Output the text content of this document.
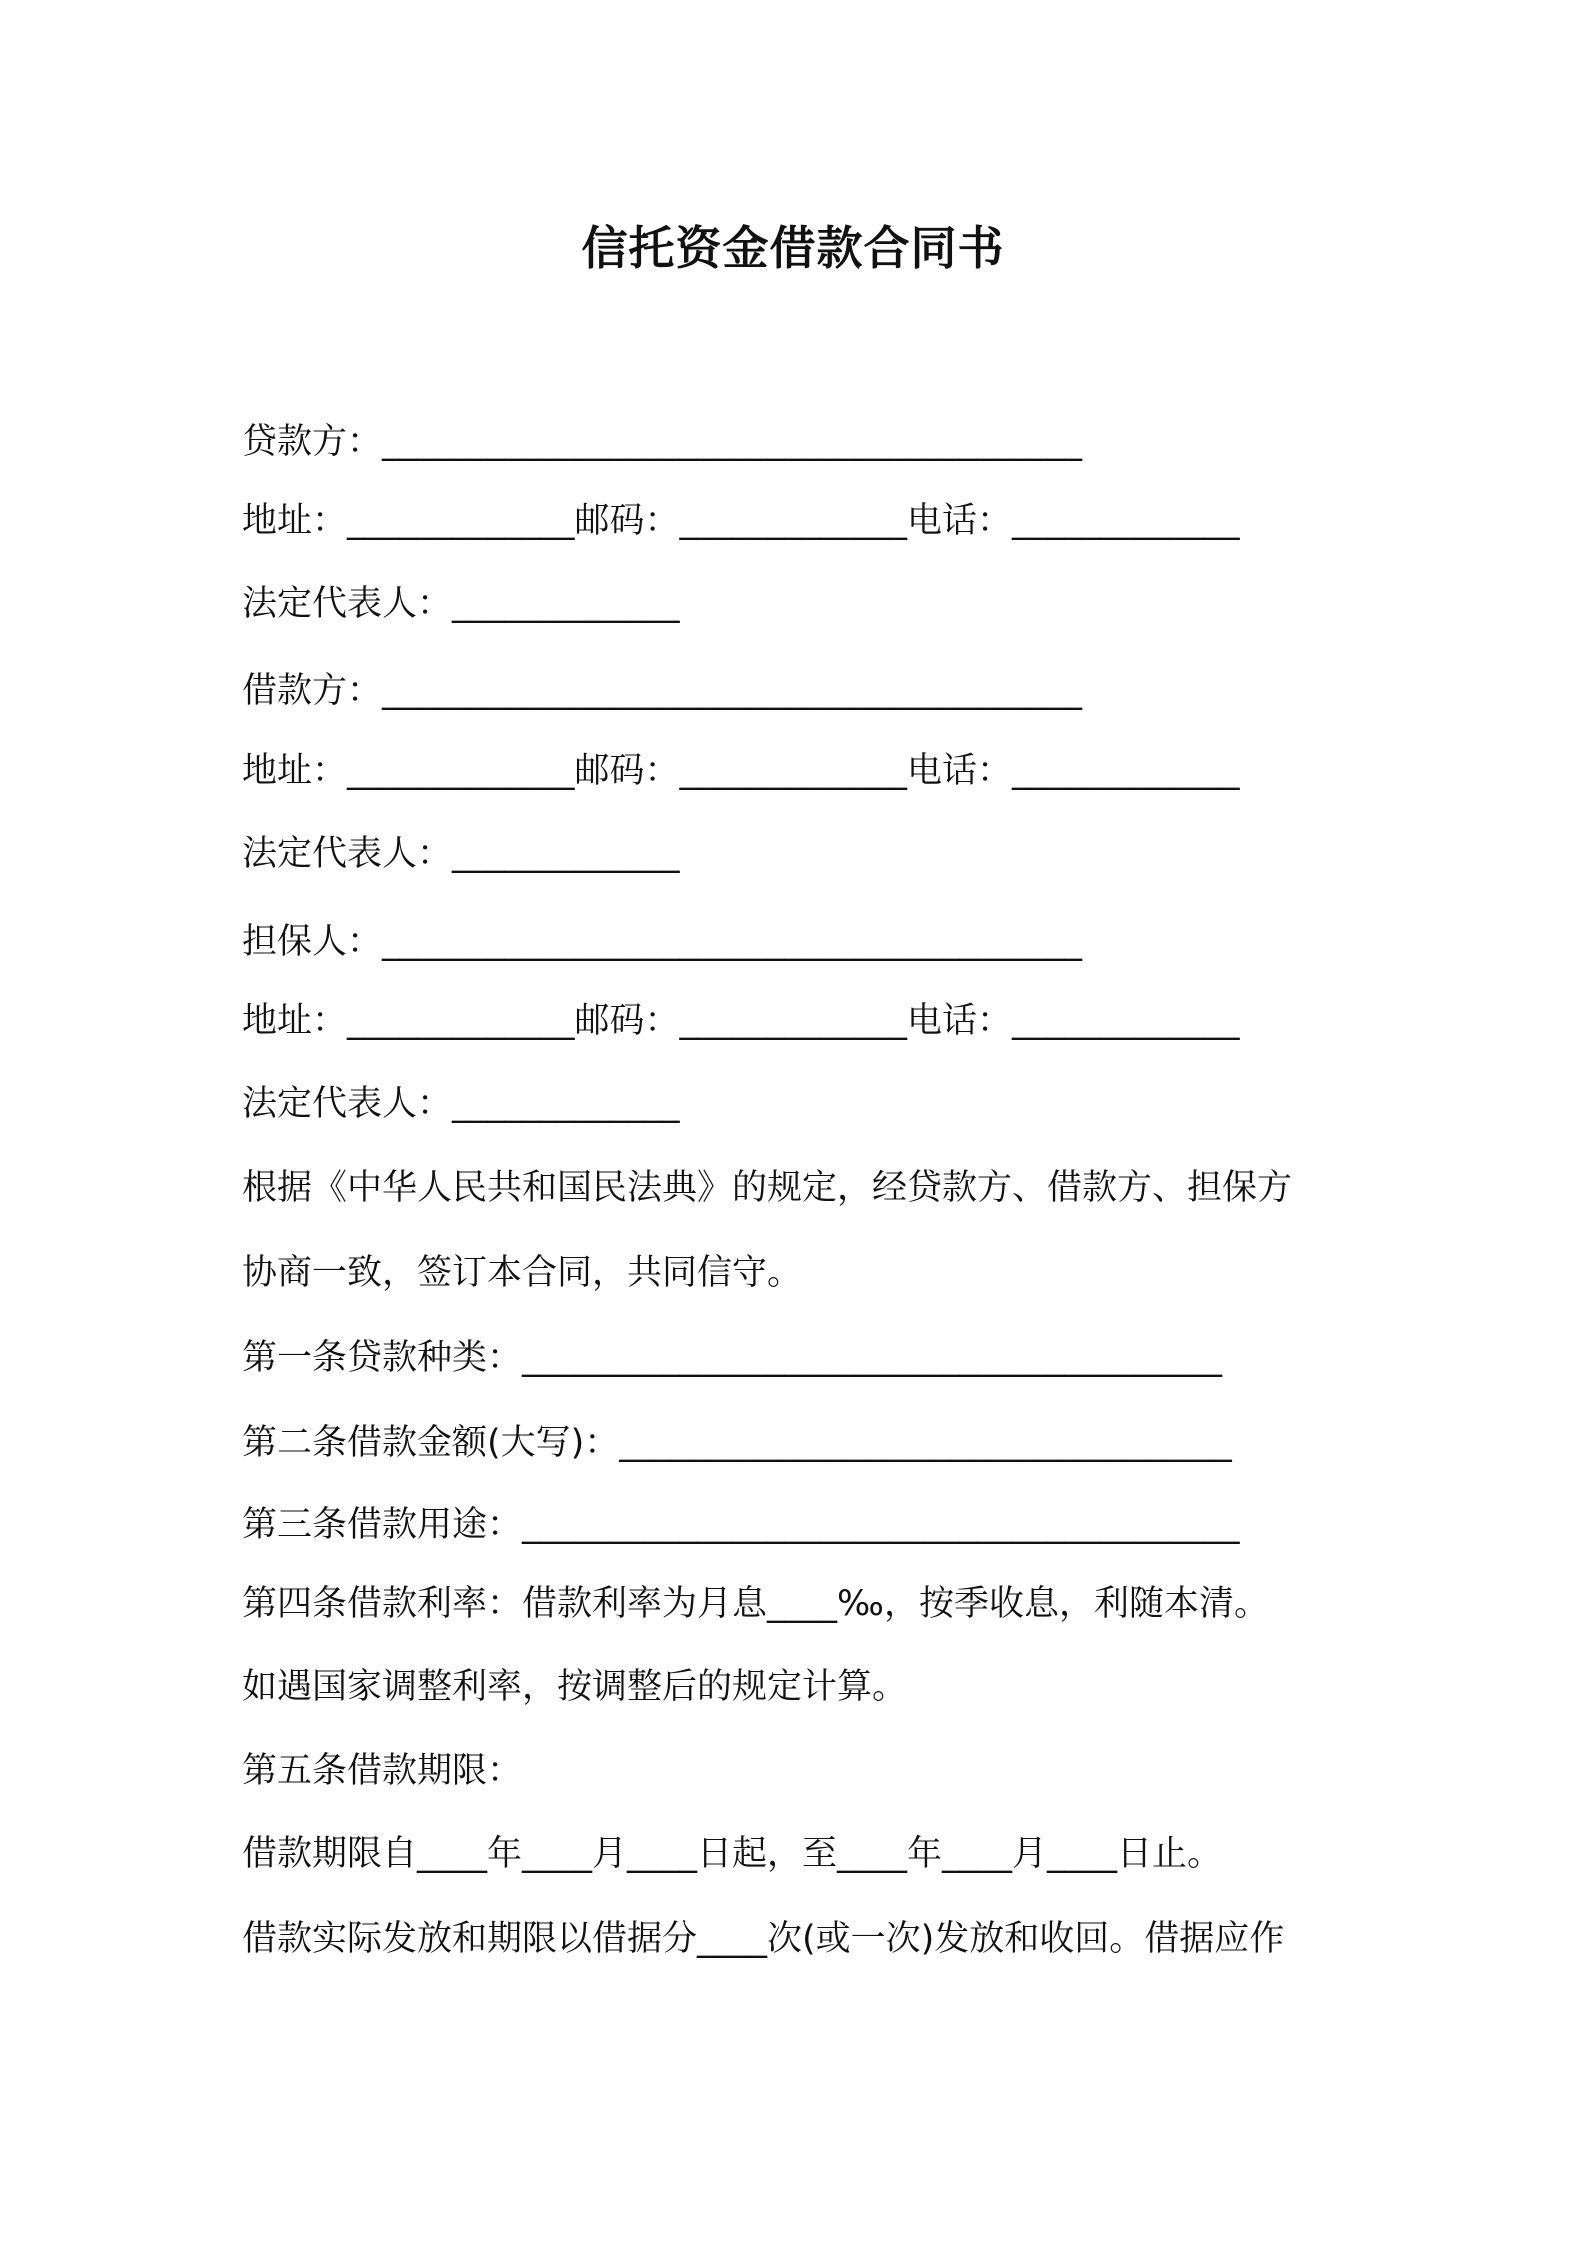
信托资金借款合同书
贷款方：________________________________________
地址：_____________邮码：_____________电话：_____________
法定代表人：_____________
借款方：________________________________________
地址：_____________邮码：_____________电话：_____________
法定代表人：_____________
担保人：________________________________________
地址：_____________邮码：_____________电话：_____________
法定代表人：_____________
根据《中华人民共和国民法典》的规定，经贷款方、借款方、担保方
协商一致，签订本合同，共同信守。
第一条贷款种类：________________________________________
第二条借款金额(大写)：___________________________________
第三条借款用途：_________________________________________
第四条借款利率：借款利率为月息____‰，按季收息，利随本清。
如遇国家调整利率，按调整后的规定计算。
第五条借款期限：
借款期限自____年____月____日起，至____年____月____日止。
借款实际发放和期限以借据分____次(或一次)发放和收回。借据应作
